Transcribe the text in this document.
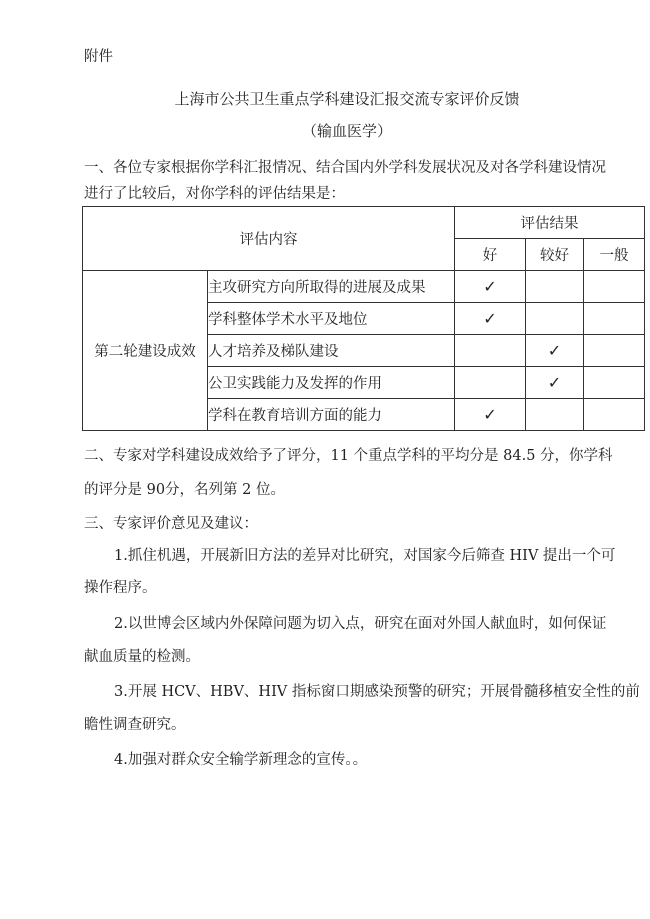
附件
上海市公共卫生重点学科建设汇报交流专家评价反馈
（输血医学）
一、各位专家根据你学科汇报情况、结合国内外学科发展状况及对各学科建设情况
进行了比较后，对你学科的评估结果是：
评估内容		评估结果		
		好	较好	一般
第二轮建设成效	主攻研究方向所取得的进展及成果	✓		
	学科整体学术水平及地位	✓		
	人才培养及梯队建设		✓	
	公卫实践能力及发挥的作用		✓	
	学科在教育培训方面的能力	✓		
二、专家对学科建设成效给予了评分，11 个重点学科的平均分是 84.5 分，你学科
的评分是 90分，名列第 2 位。
三、专家评价意见及建议：
1.抓住机遇，开展新旧方法的差异对比研究，对国家今后筛查 HIV 提出一个可
操作程序。
2.以世博会区域内外保障问题为切入点，研究在面对外国人献血时，如何保证
献血质量的检测。
3.开展 HCV、HBV、HIV 指标窗口期感染预警的研究；开展骨髓移植安全性的前
瞻性调查研究。
4.加强对群众安全输学新理念的宣传。。
